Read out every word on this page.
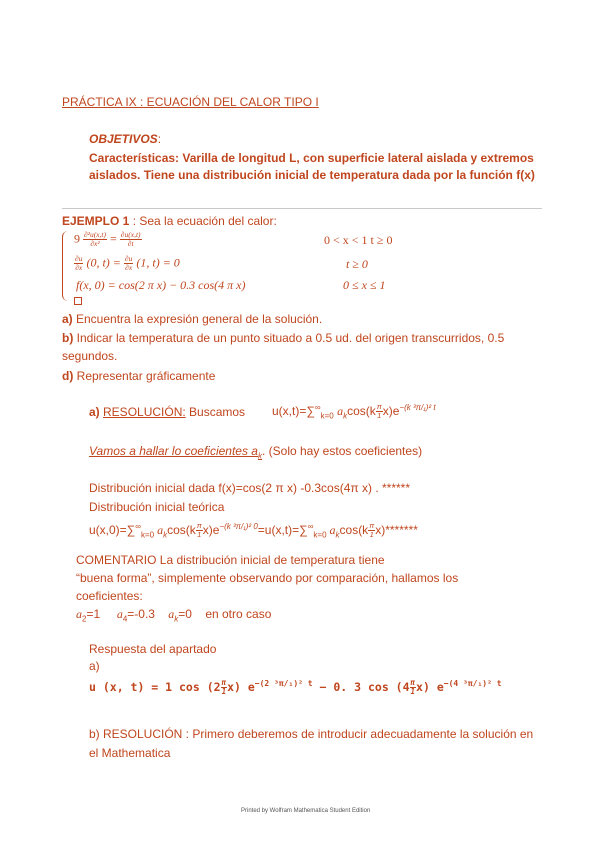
PRÁCTICA IX : ECUACIÓN DEL CALOR TIPO I
OBJETIVOS:
Características: Varilla de longitud L, con superficie lateral aislada y extremos
aislados. Tiene una distribución inicial de temperatura dada por la función f(x)
EJEMPLO 1 : Sea la ecuación del calor:
$9 \frac{\text{∂²u(x,t)}}{\text{∂x²}} = \frac{\partial u(x,t)}{\partial t}$	0 < x < 1 t ≥ 0
$\frac{\partial u}{\partial x} (0$, $t) = \frac{\partial u}{\partial x} (1$, t) = 0	t ≥ 0
f(x, 0) = cos(2 π x) − 0.3 cos(4 π x)	0 ≤ x ≤ 1
a) Encuentra la expresión general de la solución.
b) Indicar la temperatura de un punto situado a 0.5 ud. del origen transcurridos, 0.5
segundos.
d) Representar gráficamente
a) RESOLUCIÓN: Buscamos $u(x,t)=\sum^\infty_{k=0}$ $a_k\cos(k \frac{\pi}{1} x)e^{-(k ^3\pi/_1)^2 t}$
Vamos a hallar lo coeficientes $a_k$. (Solo hay estos coeficientes)
Distribución inicial dada f(x)=cos(2 π x) -0.3cos(4π x) . ******
Distribución inicial teórica
$u(x,0)=\sum^\infty_{k=0}$ $a_k\cos(k \frac{\pi}{1} x)e^{-(k ^3\pi/_1)^2 0}=u(x,t)=\sum^\infty_{k=0}$ $a_k\cos(k \frac{\pi}{1} x)*******$
COMENTARIO La distribución inicial de temperatura tiene
“buena forma”, simplemente observando por comparación, hallamos los
coeficientes:
$a_2=1$ $a_4=-0.3$ $a_k=0$ en otro caso
Respuesta del apartado
a)
u (x, t) = 1 $\cos (2 \frac{\pi}{1} x)$ $e^{-(2 ^3\pi/_1)^2 t} - 0$. 3 $\cos (4 \frac{\pi}{1} x)$ $e^{-(4 ^3\pi/_1)^2 t}$
b) RESOLUCIÓN : Primero deberemos de introducir adecuadamente la solución en
el Mathematica
Printed by Wolfram Mathematica Student Edition
